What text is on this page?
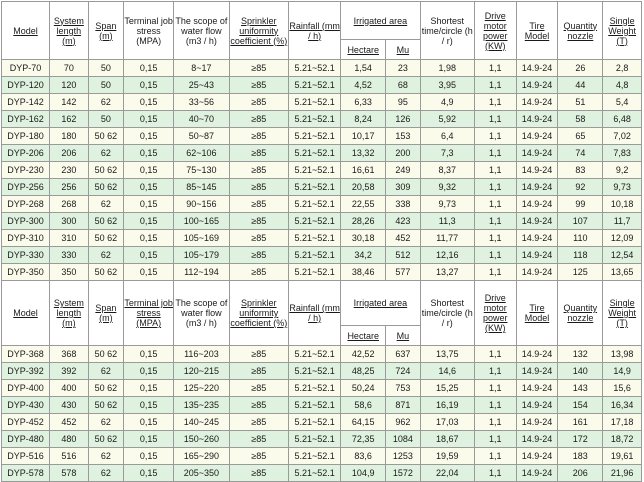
Model	System length (m)	Span (m)	Terminal job stress (MPA)	The scope of water flow (m3 / h)	Sprinkler uniformity coefficient (%)	Rainfall (mm / h)	Irrigated area		Shortest time/circle (h / r)	Drive motor power (KW)	Tire Model	Quantity nozzle	Single Weight (T)
							Hectare	Mu					
DYP-70	70	50	0,15	8~17	≥85	5.21~52.1	1,54	23	1,98	1,1	14.9-24	26	2,8
DYP-120	120	50	0,15	25~43	≥85	5.21~52.1	4,52	68	3,95	1,1	14.9-24	44	4,8
DYP-142	142	62	0,15	33~56	≥85	5.21~52.1	6,33	95	4,9	1,1	14.9-24	51	5,4
DYP-162	162	50	0,15	40~70	≥85	5.21~52.1	8,24	126	5,92	1,1	14.9-24	58	6,48
DYP-180	180	50 62	0,15	50~87	≥85	5.21~52.1	10,17	153	6,4	1,1	14.9-24	65	7,02
DYP-206	206	62	0,15	62~106	≥85	5.21~52.1	13,32	200	7,3	1,1	14.9-24	74	7,83
DYP-230	230	50 62	0,15	75~130	≥85	5.21~52.1	16,61	249	8,37	1,1	14.9-24	83	9,2
DYP-256	256	50 62	0,15	85~145	≥85	5.21~52.1	20,58	309	9,32	1,1	14.9-24	92	9,73
DYP-268	268	62	0,15	90~156	≥85	5.21~52.1	22,55	338	9,73	1,1	14.9-24	99	10,18
DYP-300	300	50 62	0,15	100~165	≥85	5.21~52.1	28,26	423	11,3	1,1	14.9-24	107	11,7
DYP-310	310	50 62	0,15	105~169	≥85	5.21~52.1	30,18	452	11,77	1,1	14.9-24	110	12,09
DYP-330	330	62	0,15	105~179	≥85	5.21~52.1	34,2	512	12,16	1,1	14.9-24	118	12,54
DYP-350	350	50 62	0,15	112~194	≥85	5.21~52.1	38,46	577	13,27	1,1	14.9-24	125	13,65
Model	System length (m)	Span (m)	Terminal job stress (MPA)	The scope of water flow (m3 / h)	Sprinkler uniformity coefficient (%)	Rainfall (mm / h)	Irrigated area		Shortest time/circle (h / r)	Drive motor power (KW)	Tire Model	Quantity nozzle	Single Weight (T)
							Hectare	Mu					
DYP-368	368	50 62	0,15	116~203	≥85	5.21~52.1	42,52	637	13,75	1,1	14.9-24	132	13,98
DYP-392	392	62	0,15	120~215	≥85	5.21~52.1	48,25	724	14,6	1,1	14.9-24	140	14,9
DYP-400	400	50 62	0,15	125~220	≥85	5.21~52.1	50,24	753	15,25	1,1	14.9-24	143	15,6
DYP-430	430	50 62	0,15	135~235	≥85	5.21~52.1	58,6	871	16,19	1,1	14.9-24	154	16,34
DYP-452	452	62	0,15	140~245	≥85	5.21~52.1	64,15	962	17,03	1,1	14.9-24	161	17,18
DYP-480	480	50 62	0,15	150~260	≥85	5.21~52.1	72,35	1084	18,67	1,1	14.9-24	172	18,72
DYP-516	516	62	0,15	165~290	≥85	5.21~52.1	83,6	1253	19,59	1,1	14.9-24	183	19,61
DYP-578	578	62	0,15	205~350	≥85	5.21~52.1	104,9	1572	22,04	1,1	14.9-24	206	21,96
